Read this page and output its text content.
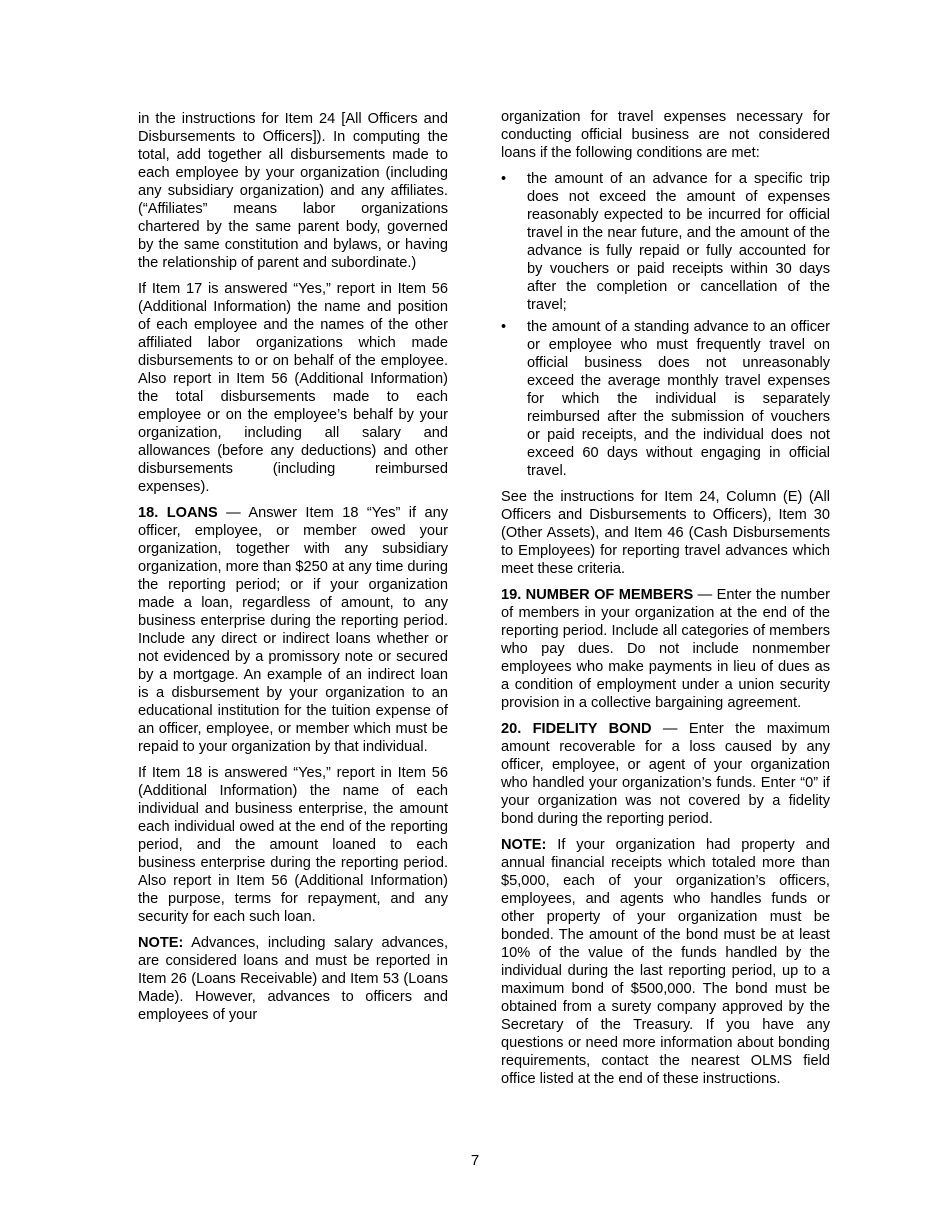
in the instructions for Item 24 [All Officers and Disbursements to Officers]). In computing the total, add together all disbursements made to each employee by your organization (including any subsidiary organization) and any affiliates. (“Affiliates” means labor organizations chartered by the same parent body, governed by the same constitution and bylaws, or having the relationship of parent and subordinate.)

If Item 17 is answered “Yes,” report in Item 56 (Additional Information) the name and position of each employee and the names of the other affiliated labor organizations which made disbursements to or on behalf of the employee. Also report in Item 56 (Additional Information) the total disbursements made to each employee or on the employee’s behalf by your organization, including all salary and allowances (before any deductions) and other disbursements (including reimbursed expenses).

18. LOANS — Answer Item 18 “Yes” if any officer, employee, or member owed your organization, together with any subsidiary organization, more than $250 at any time during the reporting period; or if your organization made a loan, regardless of amount, to any business enterprise during the reporting period. Include any direct or indirect loans whether or not evidenced by a promissory note or secured by a mortgage. An example of an indirect loan is a disbursement by your organization to an educational institution for the tuition expense of an officer, employee, or member which must be repaid to your organization by that individual.

If Item 18 is answered “Yes,” report in Item 56 (Additional Information) the name of each individual and business enterprise, the amount each individual owed at the end of the reporting period, and the amount loaned to each business enterprise during the reporting period. Also report in Item 56 (Additional Information) the purpose, terms for repayment, and any security for each such loan.

NOTE: Advances, including salary advances, are considered loans and must be reported in Item 26 (Loans Receivable) and Item 53 (Loans Made). However, advances to officers and employees of your

organization for travel expenses necessary for conducting official business are not considered loans if the following conditions are met:

• the amount of an advance for a specific trip does not exceed the amount of expenses reasonably expected to be incurred for official travel in the near future, and the amount of the advance is fully repaid or fully accounted for by vouchers or paid receipts within 30 days after the completion or cancellation of the travel;
• the amount of a standing advance to an officer or employee who must frequently travel on official business does not unreasonably exceed the average monthly travel expenses for which the individual is separately reimbursed after the submission of vouchers or paid receipts, and the individual does not exceed 60 days without engaging in official travel.

See the instructions for Item 24, Column (E) (All Officers and Disbursements to Officers), Item 30 (Other Assets), and Item 46 (Cash Disbursements to Employees) for reporting travel advances which meet these criteria.

19. NUMBER OF MEMBERS — Enter the number of members in your organization at the end of the reporting period. Include all categories of members who pay dues. Do not include nonmember employees who make payments in lieu of dues as a condition of employment under a union security provision in a collective bargaining agreement.

20. FIDELITY BOND — Enter the maximum amount recoverable for a loss caused by any officer, employee, or agent of your organization who handled your organization’s funds. Enter “0” if your organization was not covered by a fidelity bond during the reporting period.

NOTE: If your organization had property and annual financial receipts which totaled more than $5,000, each of your organization’s officers, employees, and agents who handles funds or other property of your organization must be bonded. The amount of the bond must be at least 10% of the value of the funds handled by the individual during the last reporting period, up to a maximum bond of $500,000. The bond must be obtained from a surety company approved by the Secretary of the Treasury. If you have any questions or need more information about bonding requirements, contact the nearest OLMS field office listed at the end of these instructions.

7
